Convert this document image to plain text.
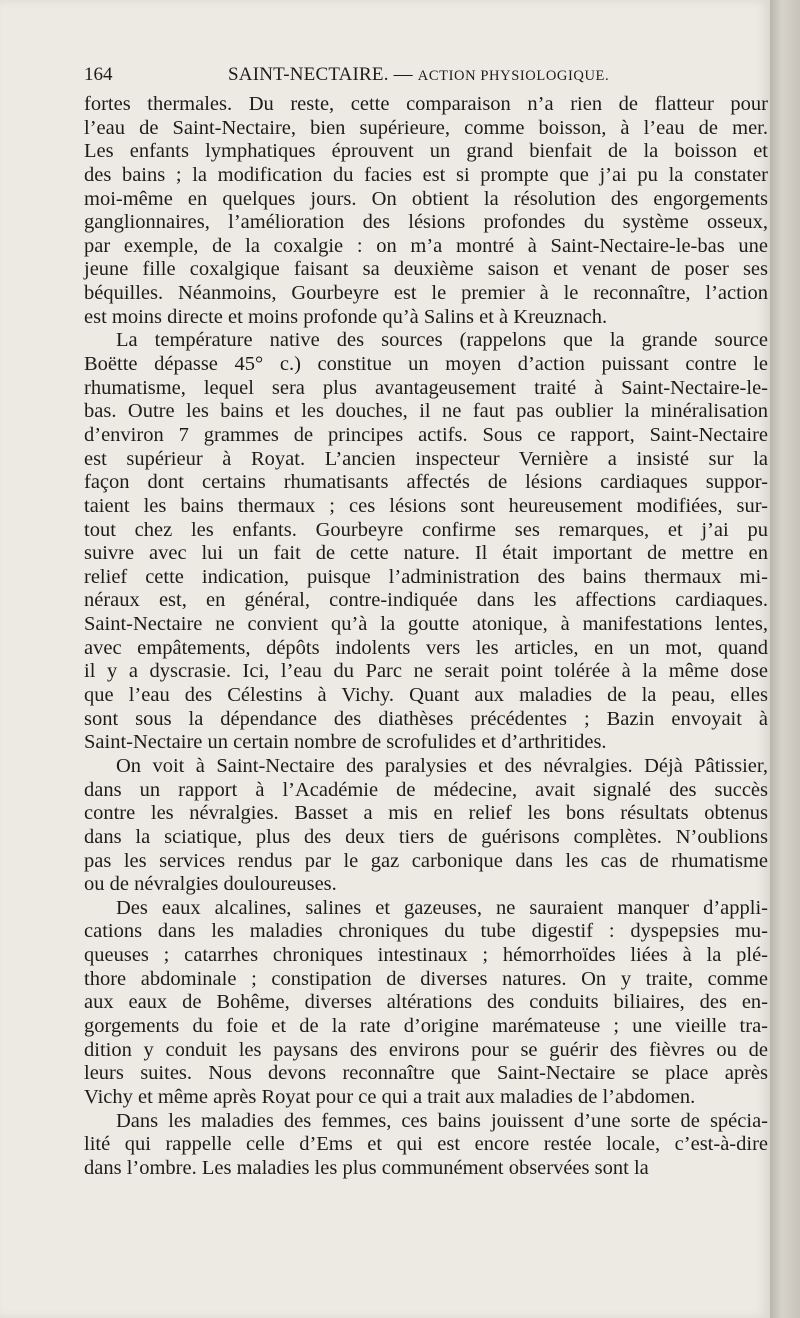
164	SAINT-NECTAIRE. — ACTION PHYSIOLOGIQUE.
fortes thermales. Du reste, cette comparaison n’a rien de flatteur pour
l’eau de Saint-Nectaire, bien supérieure, comme boisson, à l’eau de mer.
Les enfants lymphatiques éprouvent un grand bienfait de la boisson et
des bains ; la modification du facies est si prompte que j’ai pu la constater
moi-même en quelques jours. On obtient la résolution des engorgements
ganglionnaires, l’amélioration des lésions profondes du système osseux,
par exemple, de la coxalgie : on m’a montré à Saint-Nectaire-le-bas une
jeune fille coxalgique faisant sa deuxième saison et venant de poser ses
béquilles. Néanmoins, Gourbeyre est le premier à le reconnaître, l’action
est moins directe et moins profonde qu’à Salins et à Kreuznach.
La température native des sources (rappelons que la grande source
Boëtte dépasse 45° c.) constitue un moyen d’action puissant contre le
rhumatisme, lequel sera plus avantageusement traité à Saint-Nectaire-le-
bas. Outre les bains et les douches, il ne faut pas oublier la minéralisation
d’environ 7 grammes de principes actifs. Sous ce rapport, Saint-Nectaire
est supérieur à Royat. L’ancien inspecteur Vernière a insisté sur la
façon dont certains rhumatisants affectés de lésions cardiaques suppor-
taient les bains thermaux ; ces lésions sont heureusement modifiées, sur-
tout chez les enfants. Gourbeyre confirme ses remarques, et j’ai pu
suivre avec lui un fait de cette nature. Il était important de mettre en
relief cette indication, puisque l’administration des bains thermaux mi-
néraux est, en général, contre-indiquée dans les affections cardiaques.
Saint-Nectaire ne convient qu’à la goutte atonique, à manifestations lentes,
avec empâtements, dépôts indolents vers les articles, en un mot, quand
il y a dyscrasie. Ici, l’eau du Parc ne serait point tolérée à la même dose
que l’eau des Célestins à Vichy. Quant aux maladies de la peau, elles
sont sous la dépendance des diathèses précédentes ; Bazin envoyait à
Saint-Nectaire un certain nombre de scrofulides et d’arthritides.
On voit à Saint-Nectaire des paralysies et des névralgies. Déjà Pâtissier,
dans un rapport à l’Académie de médecine, avait signalé des succès
contre les névralgies. Basset a mis en relief les bons résultats obtenus
dans la sciatique, plus des deux tiers de guérisons complètes. N’oublions
pas les services rendus par le gaz carbonique dans les cas de rhumatisme
ou de névralgies douloureuses.
Des eaux alcalines, salines et gazeuses, ne sauraient manquer d’appli-
cations dans les maladies chroniques du tube digestif : dyspepsies mu-
queuses ; catarrhes chroniques intestinaux ; hémorrhoïdes liées à la plé-
thore abdominale ; constipation de diverses natures. On y traite, comme
aux eaux de Bohême, diverses altérations des conduits biliaires, des en-
gorgements du foie et de la rate d’origine marémateuse ; une vieille tra-
dition y conduit les paysans des environs pour se guérir des fièvres ou de
leurs suites. Nous devons reconnaître que Saint-Nectaire se place après
Vichy et même après Royat pour ce qui a trait aux maladies de l’abdomen.
Dans les maladies des femmes, ces bains jouissent d’une sorte de spécia-
lité qui rappelle celle d’Ems et qui est encore restée locale, c’est-à-dire
dans l’ombre. Les maladies les plus communément observées sont la
